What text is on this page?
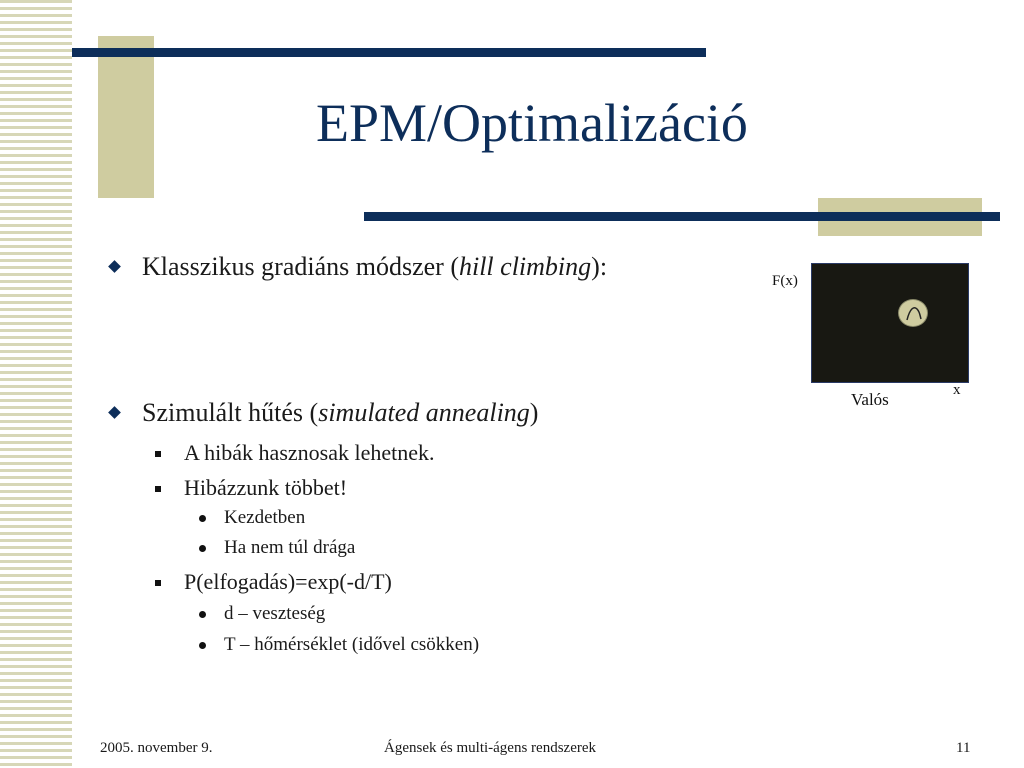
EPM/Optimalizáció
Klasszikus gradiáns módszer (hill climbing):	F(x)
x
Valós
Szimulált hűtés (simulated annealing)
A hibák hasznosak lehetnek.
Hibázzunk többet!
Kezdetben
Ha nem túl drága
P(elfogadás)=exp(-d/T)
d – veszteség
T – hőmérséklet (idővel csökken)
2005. november 9.	Ágensek és multi-ágens rendszerek	11
